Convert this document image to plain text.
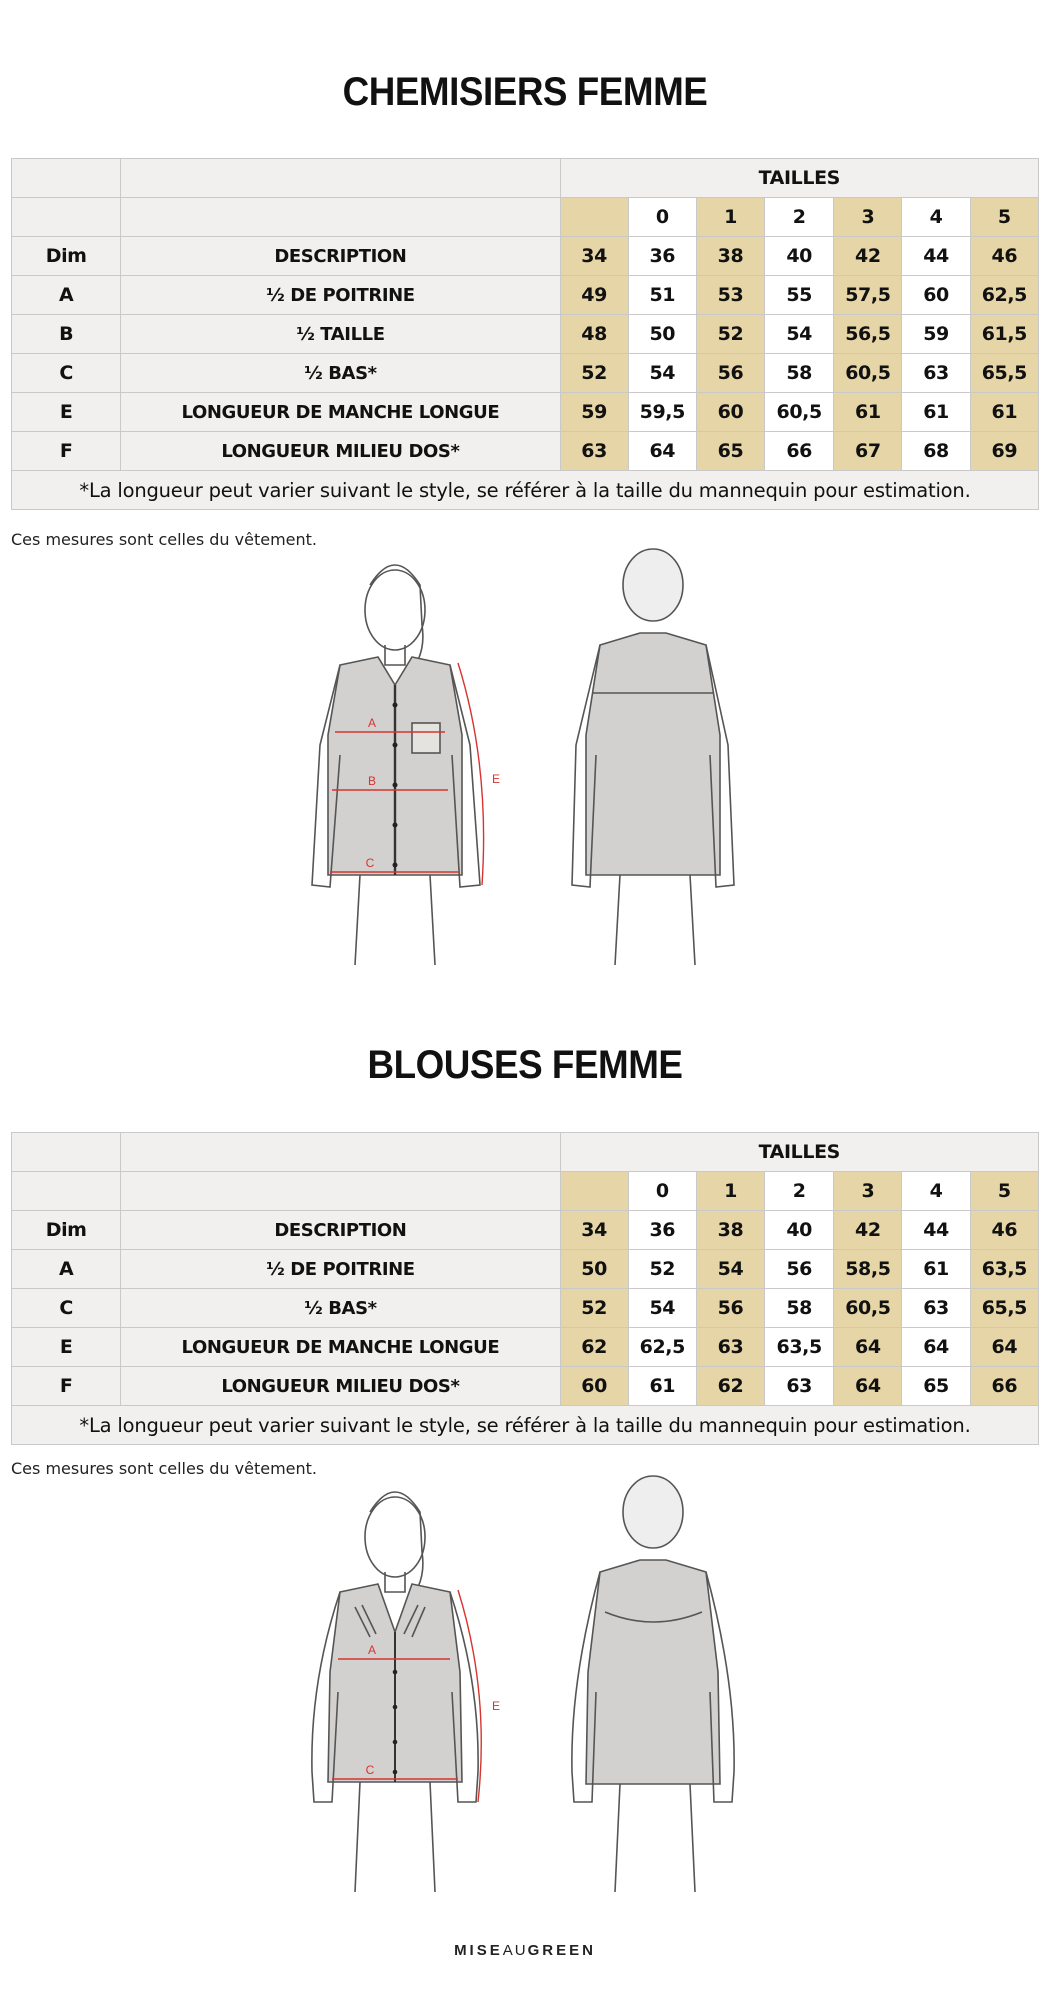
CHEMISIERS FEMME
		TAILLES						
			0	1	2	3	4	5
Dim	DESCRIPTION	34	36	38	40	42	44	46
A	½ DE POITRINE	49	51	53	55	57,5	60	62,5
B	½ TAILLE	48	50	52	54	56,5	59	61,5
C	½ BAS*	52	54	56	58	60,5	63	65,5
E	LONGUEUR DE MANCHE LONGUE	59	59,5	60	60,5	61	61	61
F	LONGUEUR MILIEU DOS*	63	64	65	66	67	68	69
*La longueur peut varier suivant le style, se référer à la taille du mannequin pour estimation.								
Ces mesures sont celles du vêtement.
A
B
C
E
BLOUSES FEMME
		TAILLES						
			0	1	2	3	4	5
Dim	DESCRIPTION	34	36	38	40	42	44	46
A	½ DE POITRINE	50	52	54	56	58,5	61	63,5
C	½ BAS*	52	54	56	58	60,5	63	65,5
E	LONGUEUR DE MANCHE LONGUE	62	62,5	63	63,5	64	64	64
F	LONGUEUR MILIEU DOS*	60	61	62	63	64	65	66
*La longueur peut varier suivant le style, se référer à la taille du mannequin pour estimation.								
Ces mesures sont celles du vêtement.
A
C
E
MISEAUGREEN
